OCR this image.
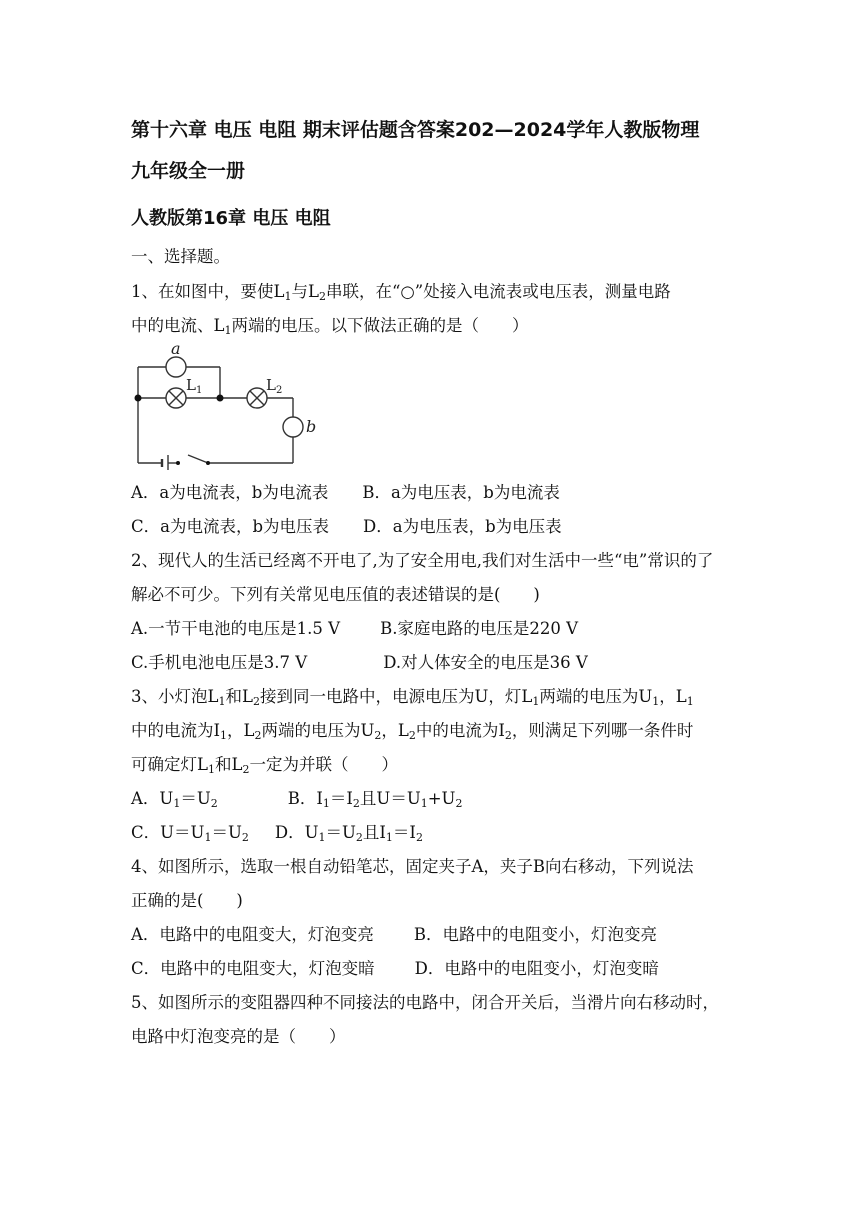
第十六章 电压 电阻 期末评估题含答案202—2024学年人教版物理
九年级全一册
人教版第16章 电压 电阻
一、选择题。
1、在如图中，要使$L_1$与$L_2$串联，在“○”处接入电流表或电压表，测量电路
中的电流、$L_1$两端的电压。以下做法正确的是（　　）
a
$L_1$	$L_2$
b
A．a为电流表，b为电流表 B．a为电压表，b为电流表
C．a为电流表，b为电压表 D．a为电压表，b为电压表
2、现代人的生活已经离不开电了,为了安全用电,我们对生活中一些“电”常识的了
解必不可少。下列有关常见电压值的表述错误的是(　　)
A.一节干电池的电压是1.5 V B.家庭电路的电压是220 V
C.手机电池电压是3.7 V	D.对人体安全的电压是36 V
3、小灯泡$L_1$和$L_2$接到同一电路中，电源电压为U，灯$L_1$两端的电压为$U_1$，$L_1$
中的电流为$I_1$，$L_2$两端的电压为$U_2$，$L_2$中的电流为$I_2$，则满足下列哪一条件时
可确定灯$L_1$和$L_2$一定为并联（　　）
A．$U_1=U_2$	B．$I_1=I_2$且$U=U_1+U_2$
C．$U=U_1=U_2$ D．$U_1=U_2$且$I_1=I_2$
4、如图所示，选取一根自动铅笔芯，固定夹子A，夹子B向右移动，下列说法
正确的是(　　)
A．电路中的电阻变大，灯泡变亮 B．电路中的电阻变小，灯泡变亮
C．电路中的电阻变大，灯泡变暗 D．电路中的电阻变小，灯泡变暗
5、如图所示的变阻器四种不同接法的电路中，闭合开关后，当滑片向右移动时，
电路中灯泡变亮的是（　　）
